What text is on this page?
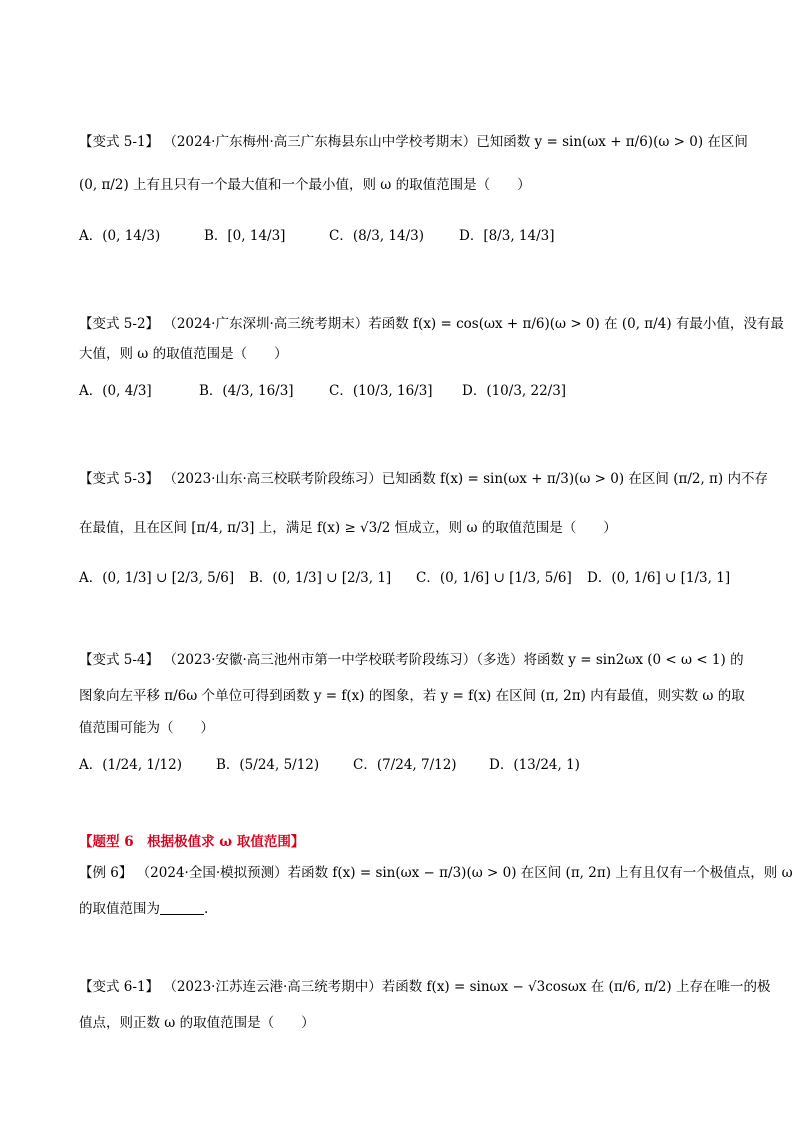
【变式 5-1】 （2024·广东梅州·高三广东梅县东山中学校考期末）已知函数 y = sin(ωx + π/6)(ω > 0) 在区间
(0, π/2) 上有且只有一个最大值和一个最小值，则 ω 的取值范围是（　　）
A．(0, 14/3)	B．[0, 14/3]	C．(8/3, 14/3)	D．[8/3, 14/3]
【变式 5-2】 （2024·广东深圳·高三统考期末）若函数 f(x) = cos(ωx + π/6)(ω > 0) 在 (0, π/4) 有最小值，没有最
大值，则 ω 的取值范围是（　　）
A．(0, 4/3]	B．(4/3, 16/3]	C．(10/3, 16/3] D．(10/3, 22/3]
【变式 5-3】 （2023·山东·高三校联考阶段练习）已知函数 f(x) = sin(ωx + π/3)(ω > 0) 在区间 (π/2, π) 内不存
在最值，且在区间 [π/4, π/3] 上，满足 f(x) ≥ √3/2 恒成立，则 ω 的取值范围是（　　）
A．(0, 1/3] ∪ [2/3, 5/6] B．(0, 1/3] ∪ [2/3, 1] C．(0, 1/6] ∪ [1/3, 5/6] D．(0, 1/6] ∪ [1/3, 1]
【变式 5-4】 （2023·安徽·高三池州市第一中学校联考阶段练习）（多选）将函数 y = sin2ωx (0 < ω < 1) 的
图象向左平移 π/6ω 个单位可得到函数 y = f(x) 的图象，若 y = f(x) 在区间 (π, 2π) 内有最值，则实数 ω 的取
值范围可能为（　　）
A．(1/24, 1/12)	B．(5/24, 5/12)	C．(7/24, 7/12) D．(13/24, 1)
【题型 6　根据极值求 ω 取值范围】
【例 6】 （2024·全国·模拟预测）若函数 f(x) = sin(ωx − π/3)(ω > 0) 在区间 (π, 2π) 上有且仅有一个极值点，则 ω
的取值范围为	.
【变式 6-1】 （2023·江苏连云港·高三统考期中）若函数 f(x) = sinωx − √3cosωx 在 (π/6, π/2) 上存在唯一的极
值点，则正数 ω 的取值范围是（　　）
